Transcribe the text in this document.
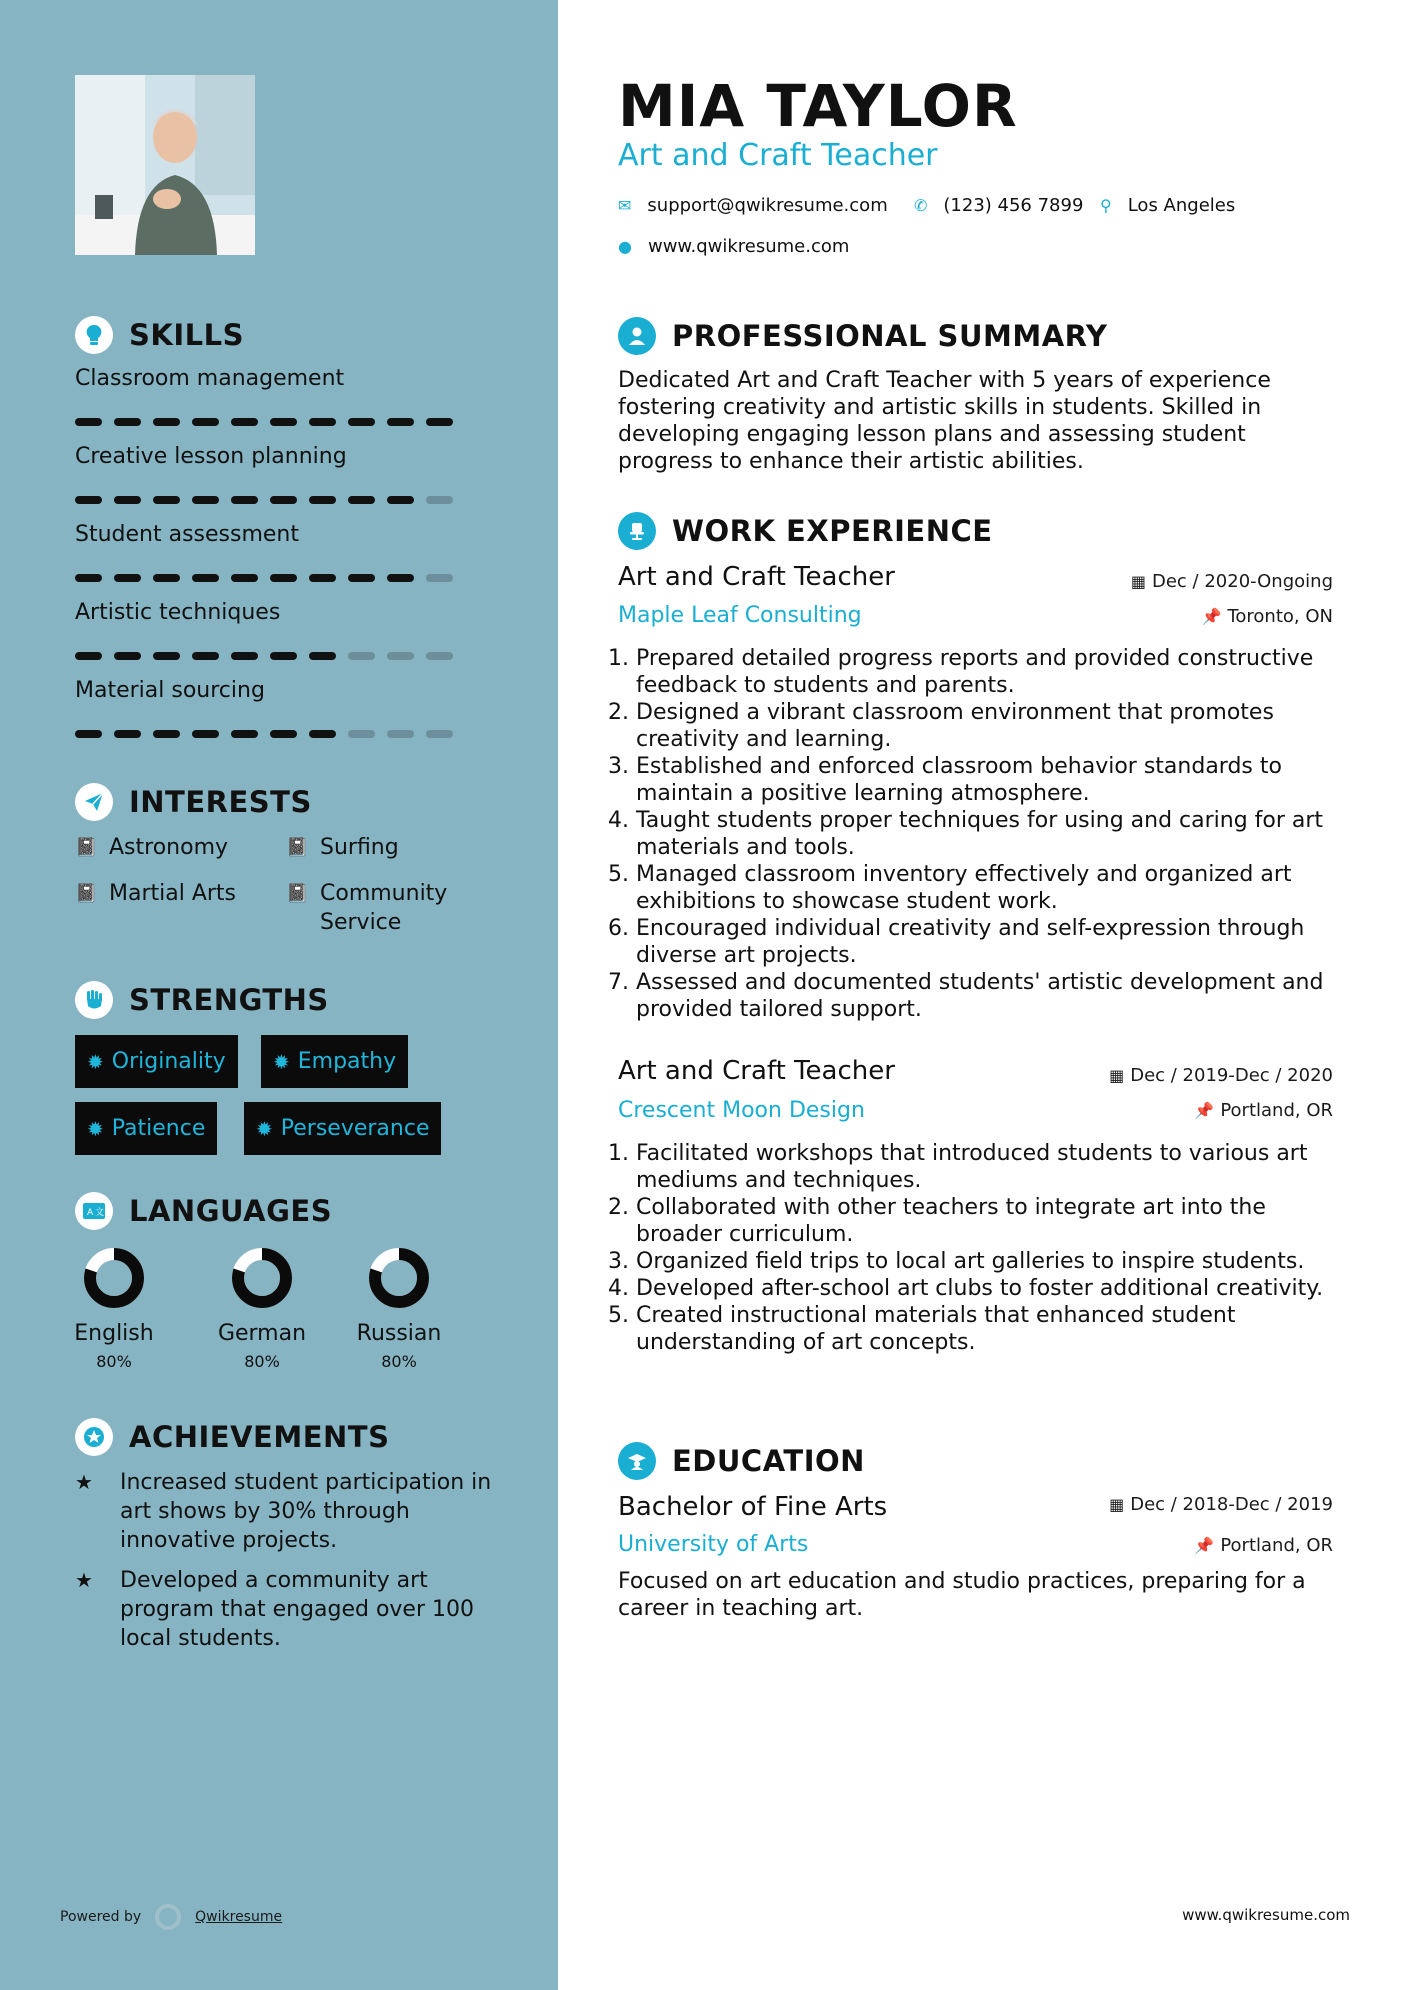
SKILLS
Classroom management
Creative lesson planning
Student assessment
Artistic techniques
Material sourcing
INTERESTS
📓 Astronomy	📓 Surfing
📓 Martial Arts	📓 Community Service
STRENGTHS
✹ Originality ✹ Empathy
✹ Patience	✹ Perseverance
A 文 LANGUAGES
English
80%
German
80%
Russian
80%
ACHIEVEMENTS
★	Increased student participation in art shows by 30% through innovative projects.
★	Developed a community art program that engaged over 100 local students.
Powered by	Qwikresume
MIA TAYLOR
Art and Craft Teacher
✉ support@qwikresume.com ✆ (123) 456 7899 ⚲ Los Angeles
● www.qwikresume.com
PROFESSIONAL SUMMARY
Dedicated Art and Craft Teacher with 5 years of experience fostering creativity and artistic skills in students. Skilled in developing engaging lesson plans and assessing student progress to enhance their artistic abilities.
WORK EXPERIENCE
Art and Craft Teacher	▦ Dec / 2020-Ongoing
Maple Leaf Consulting	📌 Toronto, ON
1. Prepared detailed progress reports and provided constructive feedback to students and parents.
2. Designed a vibrant classroom environment that promotes creativity and learning.
3. Established and enforced classroom behavior standards to maintain a positive learning atmosphere.
4. Taught students proper techniques for using and caring for art materials and tools.
5. Managed classroom inventory effectively and organized art exhibitions to showcase student work.
6. Encouraged individual creativity and self-expression through diverse art projects.
7. Assessed and documented students' artistic development and provided tailored support.
Art and Craft Teacher	▦ Dec / 2019-Dec / 2020
Crescent Moon Design	📌 Portland, OR
1. Facilitated workshops that introduced students to various art mediums and techniques.
2. Collaborated with other teachers to integrate art into the broader curriculum.
3. Organized field trips to local art galleries to inspire students.
4. Developed after-school art clubs to foster additional creativity.
5. Created instructional materials that enhanced student understanding of art concepts.
EDUCATION
Bachelor of Fine Arts	▦ Dec / 2018-Dec / 2019
University of Arts	📌 Portland, OR
Focused on art education and studio practices, preparing for a career in teaching art.
www.qwikresume.com
